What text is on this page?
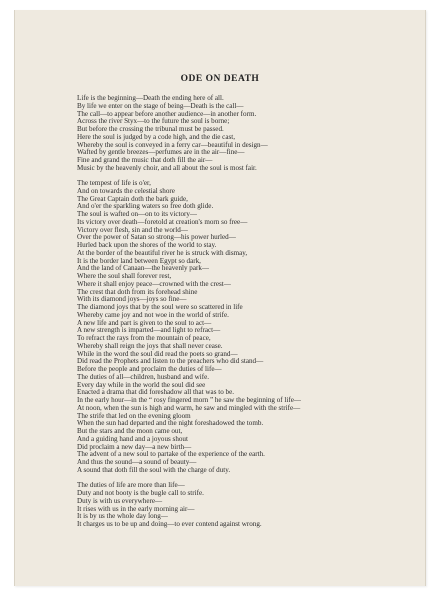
ODE ON DEATH
Life is the beginning—Death the ending here of all.
By life we enter on the stage of being—Death is the call—
The call—to appear before another audience—in another form.
Across the river Styx—to the future the soul is borne;
But before the crossing the tribunal must be passed.
Here the soul is judged by a code high, and the die cast,
Whereby the soul is conveyed in a ferry car—beautiful in design—
Wafted by gentle breezes—perfumes are in the air—fine—
Fine and grand the music that doth fill the air—
Music by the heavenly choir, and all about the soul is most fair.
The tempest of life is o'er,
And on towards the celestial shore
The Great Captain doth the bark guide,
And o'er the sparkling waters so free doth glide.
The soul is wafted on—on to its victory—
Its victory over death—foretold at creation's morn so free—
Victory over flesh, sin and the world—
Over the power of Satan so strong—his power hurled—
Hurled back upon the shores of the world to stay.
At the border of the beautiful river he is struck with dismay,
It is the border land between Egypt so dark,
And the land of Canaan—the heavenly park—
Where the soul shall forever rest,
Where it shall enjoy peace—crowned with the crest—
The crest that doth from its forehead shine
With its diamond joys—joys so fine—
The diamond joys that by the soul were so scattered in life
Whereby came joy and not woe in the world of strife.
A new life and part is given to the soul to act—
A new strength is imparted—and light to refract—
To refract the rays from the mountain of peace,
Whereby shall reign the joys that shall never cease.
While in the word the soul did read the poets so grand—
Did read the Prophets and listen to the preachers who did stand—
Before the people and proclaim the duties of life—
The duties of all—children, husband and wife.
Every day while in the world the soul did see
Enacted a drama that did foreshadow all that was to be.
In the early hour—in the “ rosy fingered morn ” he saw the beginning of life—
At noon, when the sun is high and warm, he saw and mingled with the strife—
The strife that led on the evening gloom
When the sun had departed and the night foreshadowed the tomb.
But the stars and the moon came out,
And a guiding hand and a joyous shout
Did proclaim a new day—a new birth—
The advent of a new soul to partake of the experience of the earth.
And thus the sound—a sound of beauty—
A sound that doth fill the soul with the charge of duty.
The duties of life are more than life—
Duty and not booty is the bugle call to strife.
Duty is with us everywhere—
It rises with us in the early morning air—
It is by us the whole day long—
It charges us to be up and doing—to ever contend against wrong.
